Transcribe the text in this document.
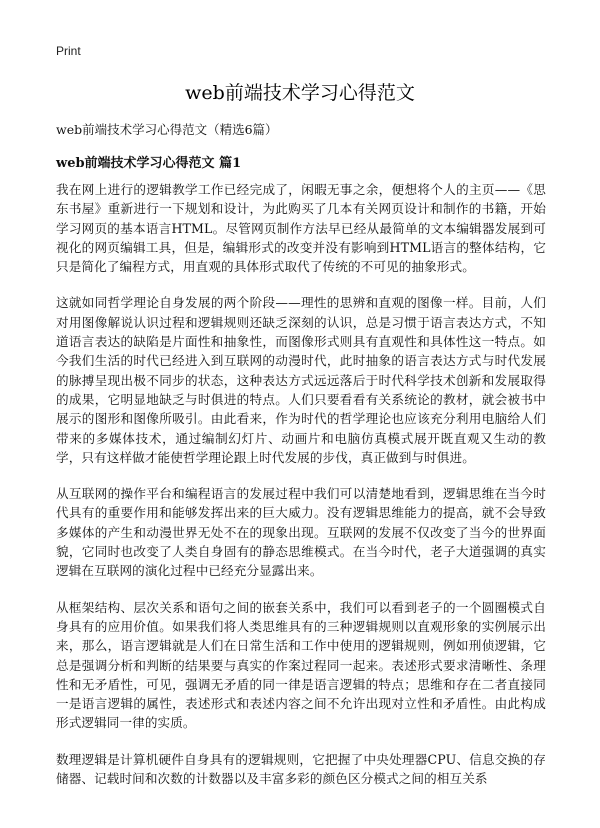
Print
web前端技术学习心得范文
web前端技术学习心得范文（精选6篇）
web前端技术学习心得范文 篇1

我在网上进行的逻辑教学工作已经完成了，闲暇无事之余，便想将个人的主页——《思东书屋》重新进行一下规划和设计，为此购买了几本有关网页设计和制作的书籍，开始学习网页的基本语言HTML。尽管网页制作方法早已经从最简单的文本编辑器发展到可视化的网页编辑工具，但是，编辑形式的改变并没有影响到HTML语言的整体结构，它只是简化了编程方式，用直观的具体形式取代了传统的不可见的抽象形式。

这就如同哲学理论自身发展的两个阶段——理性的思辨和直观的图像一样。目前，人们对用图像解说认识过程和逻辑规则还缺乏深刻的认识，总是习惯于语言表达方式，不知道语言表达的缺陷是片面性和抽象性，而图像形式则具有直观性和具体性这一特点。如今我们生活的时代已经进入到互联网的动漫时代，此时抽象的语言表达方式与时代发展的脉搏呈现出极不同步的状态，这种表达方式远远落后于时代科学技术创新和发展取得的成果，它明显地缺乏与时俱进的特点。人们只要看看有关系统论的教材，就会被书中展示的图形和图像所吸引。由此看来，作为时代的哲学理论也应该充分利用电脑给人们带来的多媒体技术，通过编制幻灯片、动画片和电脑仿真模式展开既直观又生动的教学，只有这样做才能使哲学理论跟上时代发展的步伐，真正做到与时俱进。

从互联网的操作平台和编程语言的发展过程中我们可以清楚地看到，逻辑思维在当今时代具有的重要作用和能够发挥出来的巨大威力。没有逻辑思维能力的提高，就不会导致多媒体的产生和动漫世界无处不在的现象出现。互联网的发展不仅改变了当今的世界面貌，它同时也改变了人类自身固有的静态思维模式。在当今时代，老子大道强调的真实逻辑在互联网的演化过程中已经充分显露出来。

从框架结构、层次关系和语句之间的嵌套关系中，我们可以看到老子的一个圆圈模式自身具有的应用价值。如果我们将人类思维具有的三种逻辑规则以直观形象的实例展示出来，那么，语言逻辑就是人们在日常生活和工作中使用的逻辑规则，例如刑侦逻辑，它总是强调分析和判断的结果要与真实的作案过程同一起来。表述形式要求清晰性、条理性和无矛盾性，可见，强调无矛盾的同一律是语言逻辑的特点；思维和存在二者直接同一是语言逻辑的属性，表述形式和表述内容之间不允许出现对立性和矛盾性。由此构成形式逻辑同一律的实质。

数理逻辑是计算机硬件自身具有的逻辑规则，它把握了中央处理器CPU、信息交换的存储器、记载时间和次数的计数器以及丰富多彩的颜色区分模式之间的相互关系
